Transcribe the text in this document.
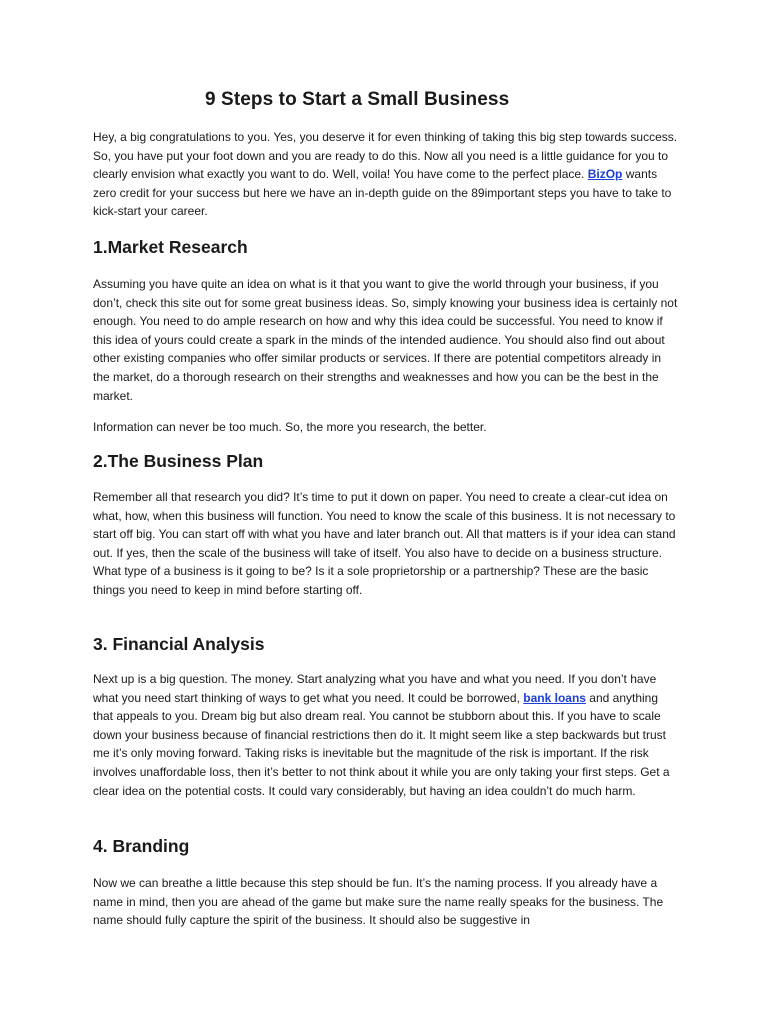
9 Steps to Start a Small Business

Hey, a big congratulations to you. Yes, you deserve it for even thinking of taking this big step towards success. So, you have put your foot down and you are ready to do this. Now all you need is a little guidance for you to clearly envision what exactly you want to do. Well, voila! You have come to the perfect place. BizOp wants zero credit for your success but here we have an in-depth guide on the 89important steps you have to take to kick-start your career.

1.Market Research

Assuming you have quite an idea on what is it that you want to give the world through your business, if you don’t, check this site out for some great business ideas. So, simply knowing your business idea is certainly not enough. You need to do ample research on how and why this idea could be successful. You need to know if this idea of yours could create a spark in the minds of the intended audience. You should also find out about other existing companies who offer similar products or services. If there are potential competitors already in the market, do a thorough research on their strengths and weaknesses and how you can be the best in the market.

Information can never be too much. So, the more you research, the better.

2.The Business Plan

Remember all that research you did? It’s time to put it down on paper. You need to create a clear-cut idea on what, how, when this business will function. You need to know the scale of this business. It is not necessary to start off big. You can start off with what you have and later branch out. All that matters is if your idea can stand out. If yes, then the scale of the business will take of itself. You also have to decide on a business structure. What type of a business is it going to be? Is it a sole proprietorship or a partnership? These are the basic things you need to keep in mind before starting off.

3. Financial Analysis

Next up is a big question. The money. Start analyzing what you have and what you need. If you don’t have what you need start thinking of ways to get what you need. It could be borrowed, bank loans and anything that appeals to you. Dream big but also dream real. You cannot be stubborn about this. If you have to scale down your business because of financial restrictions then do it. It might seem like a step backwards but trust me it’s only moving forward. Taking risks is inevitable but the magnitude of the risk is important. If the risk involves unaffordable loss, then it’s better to not think about it while you are only taking your first steps. Get a clear idea on the potential costs. It could vary considerably, but having an idea couldn’t do much harm.

4. Branding

Now we can breathe a little because this step should be fun. It’s the naming process. If you already have a name in mind, then you are ahead of the game but make sure the name really speaks for the business. The name should fully capture the spirit of the business. It should also be suggestive in
